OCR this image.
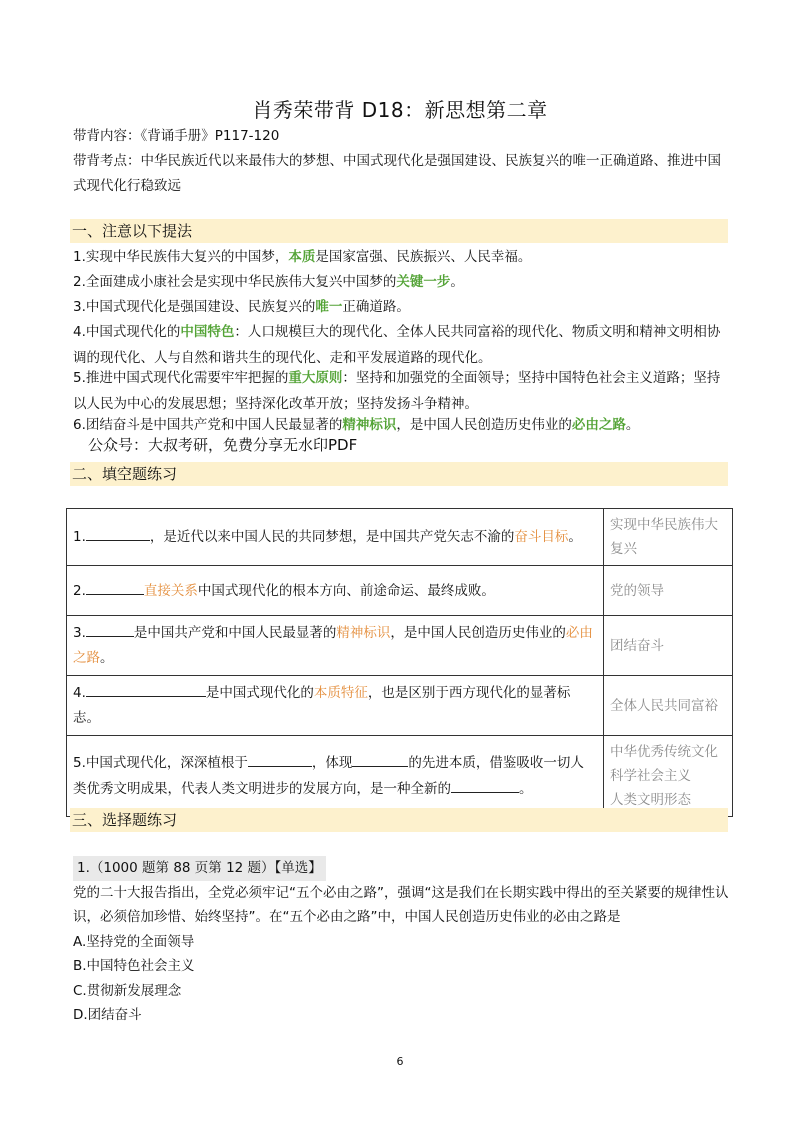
肖秀荣带背 D18：新思想第二章
带背内容：《背诵手册》P117-120
带背考点：中华民族近代以来最伟大的梦想、中国式现代化是强国建设、民族复兴的唯一正确道路、推进中国式现代化行稳致远
一、注意以下提法
1.实现中华民族伟大复兴的中国梦，本质是国家富强、民族振兴、人民幸福。
2.全面建成小康社会是实现中华民族伟大复兴中国梦的关键一步。
3.中国式现代化是强国建设、民族复兴的唯一正确道路。
4.中国式现代化的中国特色：人口规模巨大的现代化、全体人民共同富裕的现代化、物质文明和精神文明相协调的现代化、人与自然和谐共生的现代化、走和平发展道路的现代化。
5.推进中国式现代化需要牢牢把握的重大原则：坚持和加强党的全面领导；坚持中国特色社会主义道路；坚持以人民为中心的发展思想；坚持深化改革开放；坚持发扬斗争精神。
6.团结奋斗是中国共产党和中国人民最显著的精神标识，是中国人民创造历史伟业的必由之路。
公众号：大叔考研，免费分享无水印PDF
二、填空题练习
1. ，是近代以来中国人民的共同梦想，是中国共产党矢志不渝的奋斗目标。	实现中华民族伟大复兴

2. 直接关系中国式现代化的根本方向、前途命运、最终成败。	党的领导

3. 是中国共产党和中国人民最显著的精神标识，是中国人民创造历史伟业的必由之路。	团结奋斗

4. 是中国式现代化的本质特征，也是区别于西方现代化的显著标志。	全体人民共同富裕

5.中国式现代化，深深植根于 ，体现 的先进本质，借鉴吸收一切人类优秀文明成果，代表人类文明进步的发展方向，是一种全新的 。	中华优秀传统文化
科学社会主义
人类文明形态
三、选择题练习
1.（1000 题第 88 页第 12 题）【单选】
党的二十大报告指出，全党必须牢记“五个必由之路”，强调“这是我们在长期实践中得出的至关紧要的规律性认识，必须倍加珍惜、始终坚持”。在“五个必由之路”中，中国人民创造历史伟业的必由之路是
A.坚持党的全面领导
B.中国特色社会主义
C.贯彻新发展理念
D.团结奋斗
6
